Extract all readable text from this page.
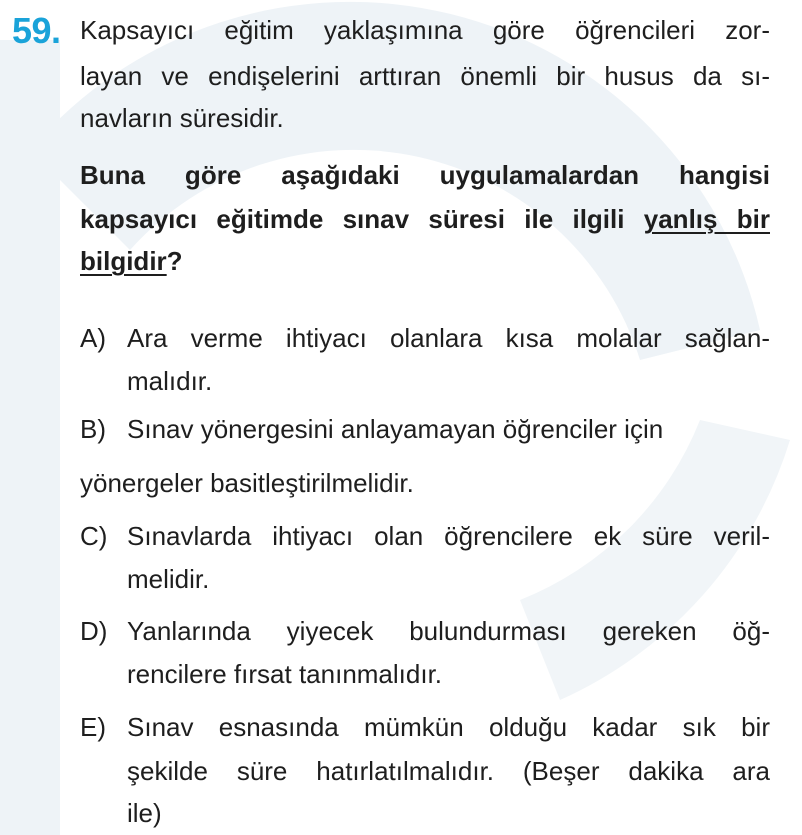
59. Kapsayıcı eğitim yaklaşımına göre öğrencileri zor-
layan ve endişelerini arttıran önemli bir husus da sı-
navların süresidir.
Buna göre aşağıdaki uygulamalardan hangisi
kapsayıcı eğitimde sınav süresi ile ilgili yanlış bir
bilgidir?
A) Ara verme ihtiyacı olanlara kısa molalar sağlan-
malıdır.
B) Sınav yönergesini anlayamayan öğrenciler için
yönergeler basitleştirilmelidir.
C) Sınavlarda ihtiyacı olan öğrencilere ek süre veril-
melidir.
D) Yanlarında yiyecek bulundurması gereken öğ-
rencilere fırsat tanınmalıdır.
E) Sınav esnasında mümkün olduğu kadar sık bir
şekilde süre hatırlatılmalıdır. (Beşer dakika ara
ile)
